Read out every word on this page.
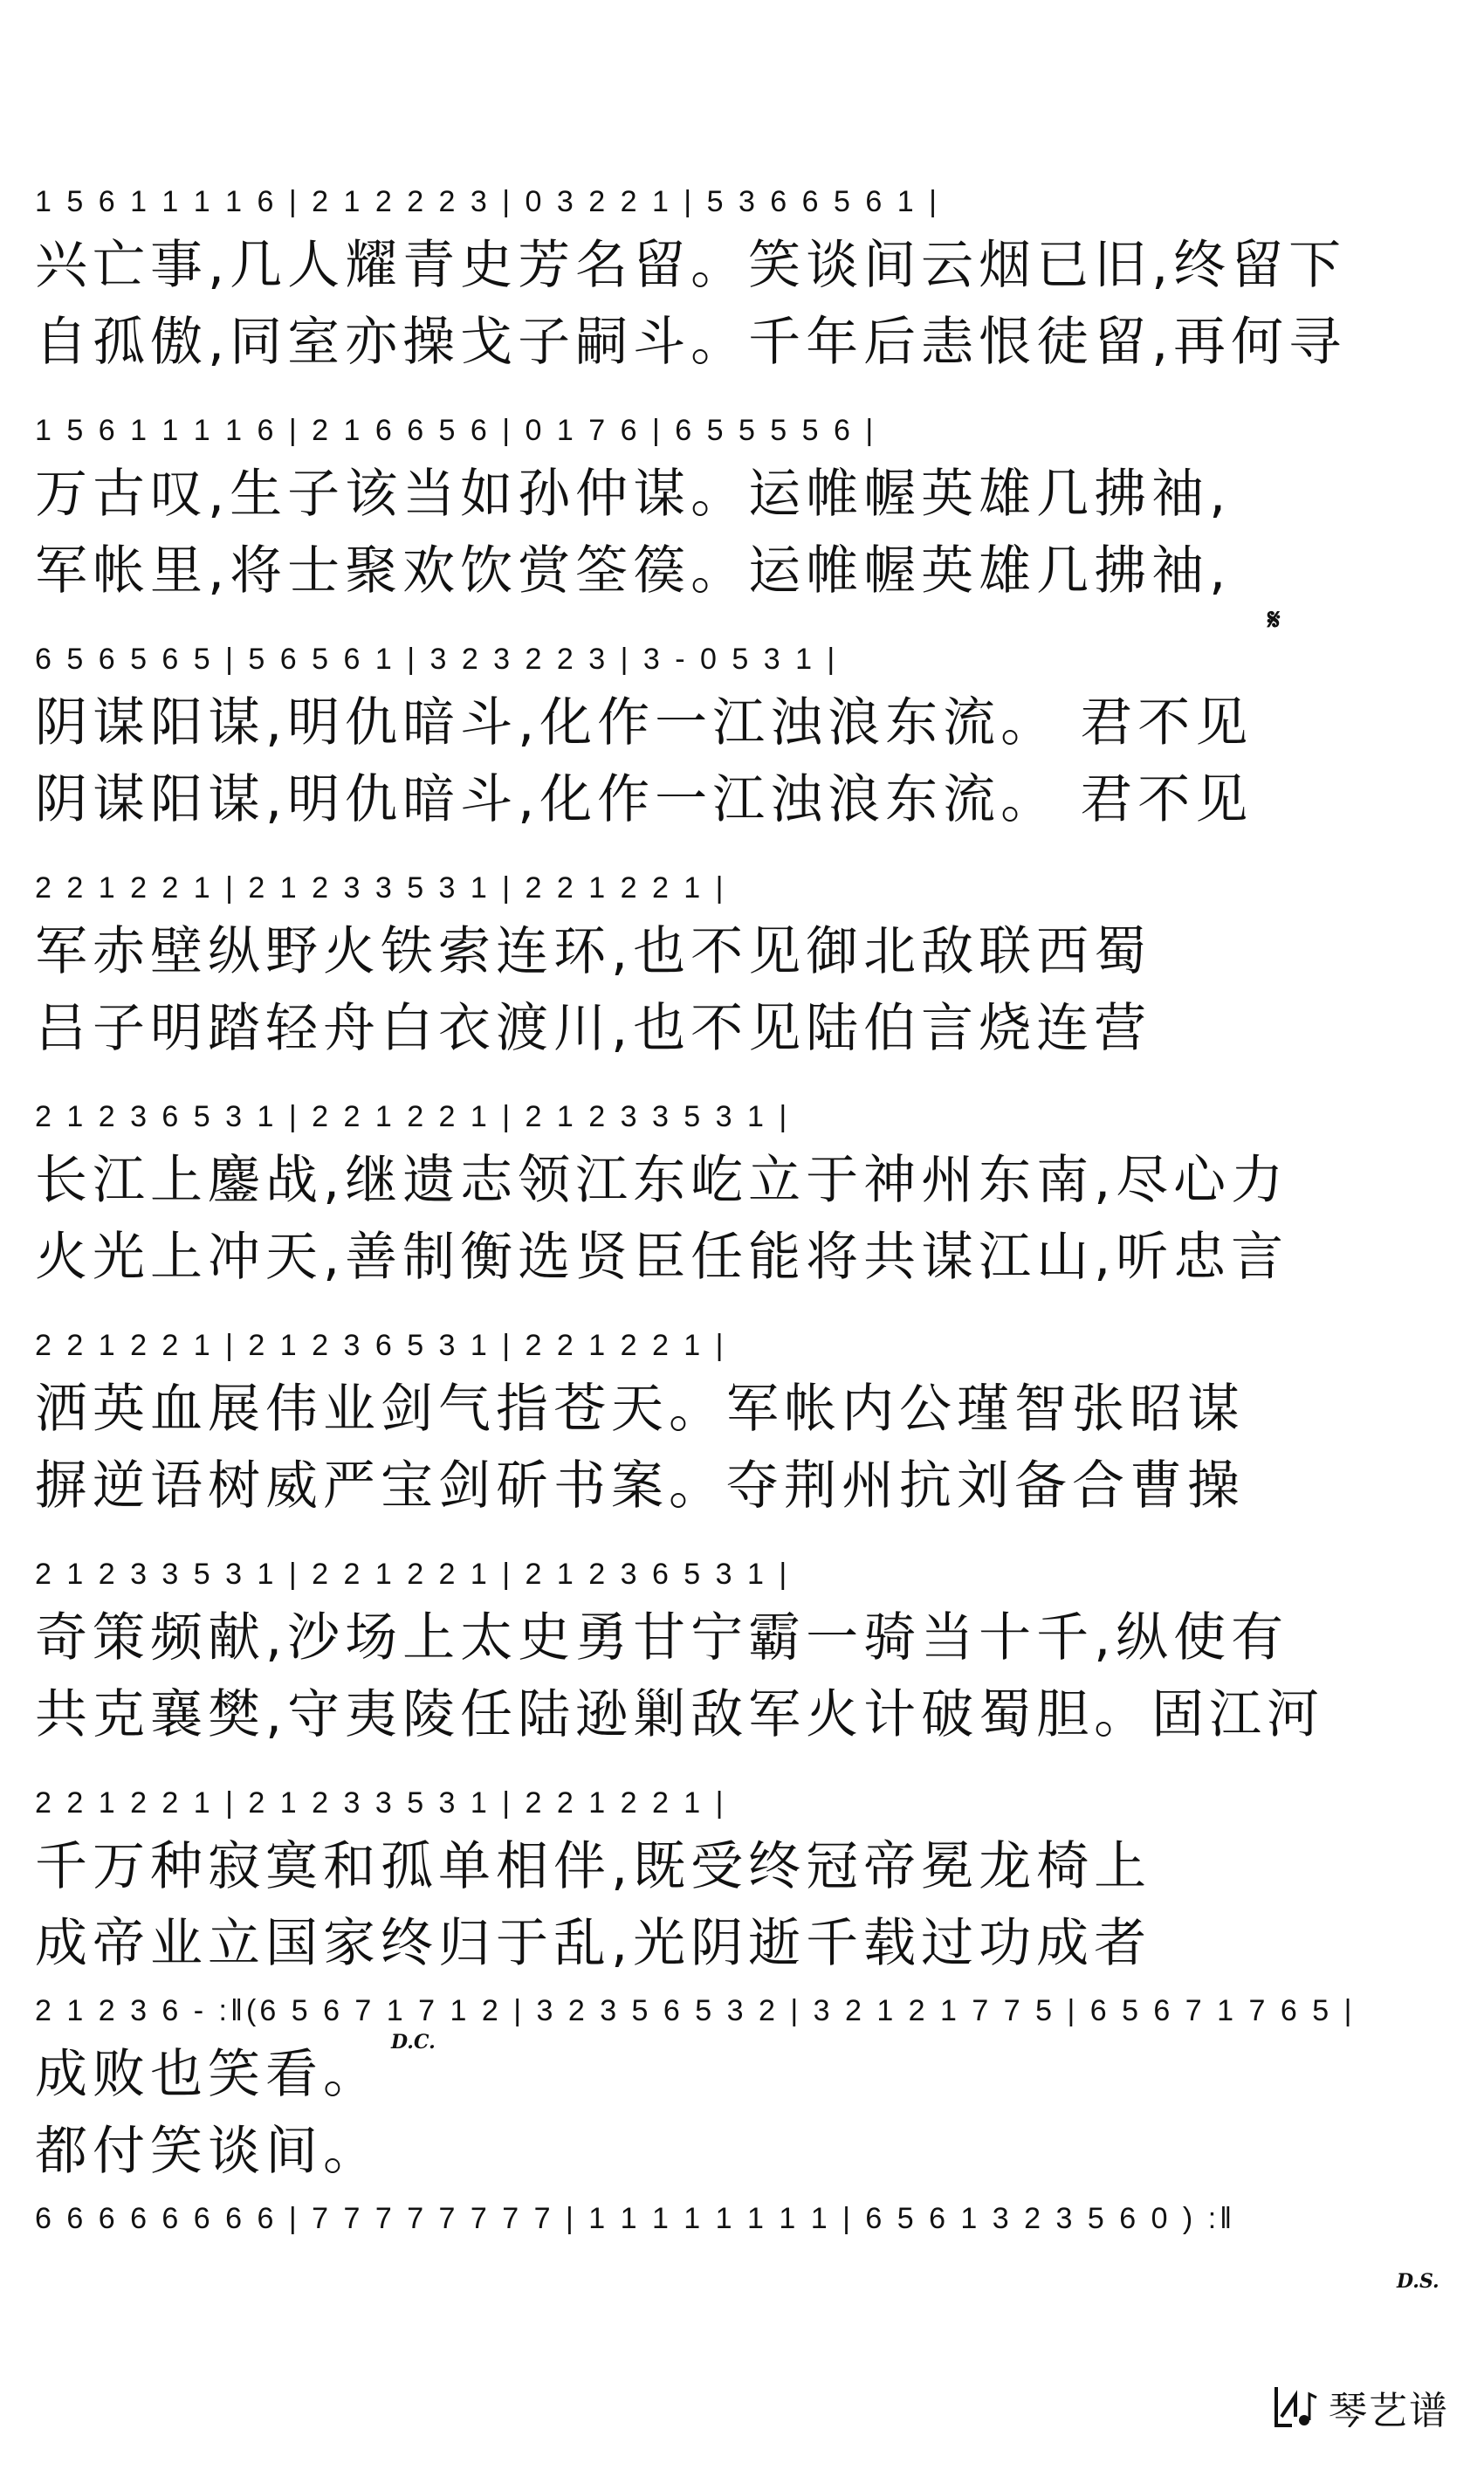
1 5 6 1 1 1 1 6 | 2 1 2 2 2 3 | 0 3 2 2 1 | 5 3 6 6 5 6 1 |
兴亡事,几人耀青史芳名留。笑谈间云烟已旧,终留下
自孤傲,同室亦操戈子嗣斗。千年后恚恨徒留,再何寻
1 5 6 1 1 1 1 6 | 2 1 6 6 5 6 | 0 1 7 6 | 6 5 5 5 5 6 |
万古叹,生子该当如孙仲谋。运帷幄英雄几拂袖,
军帐里,将士聚欢饮赏筌篌。运帷幄英雄几拂袖,
6 5 6 5 6 5 | 5 6 5 6 1 | 3 2 3 2 2 3 | 3 - 0 5 3 1 |
阴谋阳谋,明仇暗斗,化作一江浊浪东流。 君不见
阴谋阳谋,明仇暗斗,化作一江浊浪东流。 君不见
2 2 1 2 2 1 | 2 1 2 3 3 5 3 1 | 2 2 1 2 2 1 |
军赤壁纵野火铁索连环,也不见御北敌联西蜀
吕子明踏轻舟白衣渡川,也不见陆伯言烧连营
2 1 2 3 6 5 3 1 | 2 2 1 2 2 1 | 2 1 2 3 3 5 3 1 |
长江上鏖战,继遗志领江东屹立于神州东南,尽心力
火光上冲天,善制衡选贤臣任能将共谋江山,听忠言
2 2 1 2 2 1 | 2 1 2 3 6 5 3 1 | 2 2 1 2 2 1 |
洒英血展伟业剑气指苍天。军帐内公瑾智张昭谋
摒逆语树威严宝剑斫书案。夺荆州抗刘备合曹操
2 1 2 3 3 5 3 1 | 2 2 1 2 2 1 | 2 1 2 3 6 5 3 1 |
奇策频献,沙场上太史勇甘宁霸一骑当十千,纵使有
共克襄樊,守夷陵任陆逊剿敌军火计破蜀胆。固江河
2 2 1 2 2 1 | 2 1 2 3 3 5 3 1 | 2 2 1 2 2 1 |
千万种寂寞和孤单相伴,既受终冠帝冕龙椅上
成帝业立国家终归于乱,光阴逝千载过功成者
2 1 2 3 6 - :‖(6 5 6 7 1 7 1 2 | 3 2 3 5 6 5 3 2 | 3 2 1 2 1 7 7 5 | 6 5 6 7 1 7 6 5 |
成败也笑看。
都付笑谈间。
6 6 6 6 6 6 6 6 | 7 7 7 7 7 7 7 7 | 1 1 1 1 1 1 1 1 | 6 5 6 1 3 2 3 5 6 0 ) :‖
𝄋
D.C.
D.S.
琴艺谱
